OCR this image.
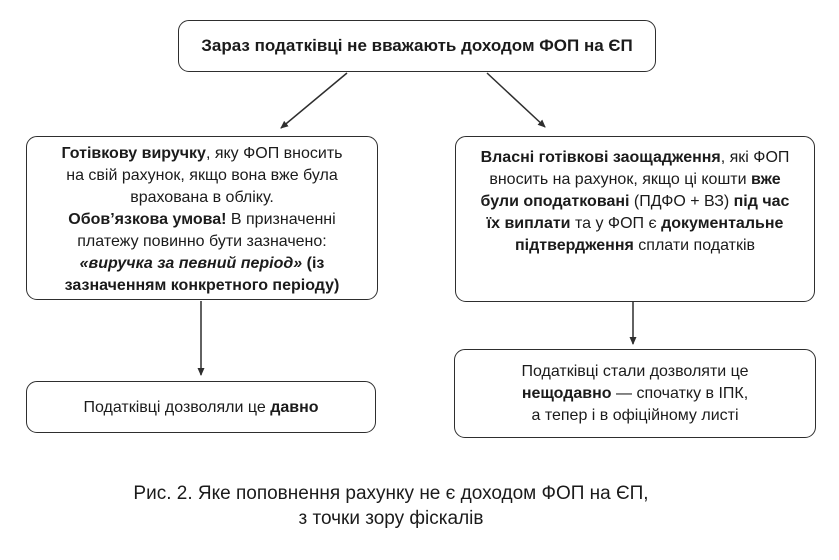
Зараз податківці не вважають доходом ФОП на ЄП
Готівкову виручку, яку ФОП вносить
на свій рахунок, якщо вона вже була
врахована в обліку.
Обов’язкова умова! В призначенні
платежу повинно бути зазначено:
«виручка за певний період» (із
зазначенням конкретного періоду)
Власні готівкові заощадження, які ФОП
вносить на рахунок, якщо ці кошти вже
були оподатковані (ПДФО + ВЗ) під час
їх виплати та у ФОП є документальне
підтвердження сплати податків
Податківці дозволяли це давно
Податківці стали дозволяти це
нещодавно — спочатку в ІПК,
а тепер і в офіційному листі
Рис. 2. Яке поповнення рахунку не є доходом ФОП на ЄП,
з точки зору фіскалів
